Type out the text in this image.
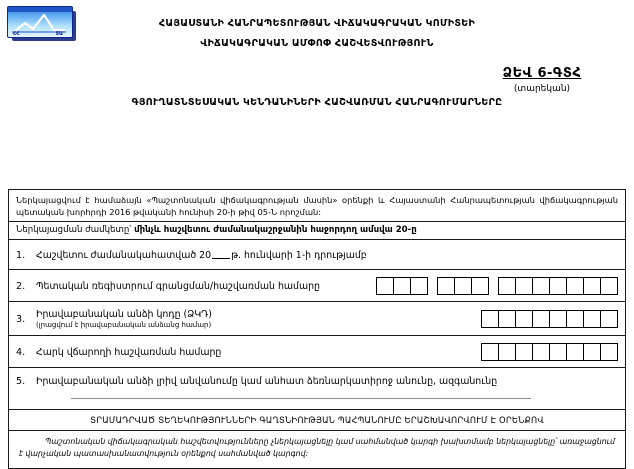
ՀՀ	ՏԱ
ՀԱՅԱՍՏԱՆԻ ՀԱՆՐԱՊԵՏՈՒԹՅԱՆ ՎԻՃԱԿԱԳՐԱԿԱՆ ԿՈՄԻՏԵԻ
ՎԻՃԱԿԱԳՐԱԿԱՆ ԱՄՓՈՓ ՀԱՇՎԵՏՎՈՒԹՅՈՒՆ
ՁԵՎ 6-ԳՏՀ
(տարեկան)
ԳՅՈՒՂԱՏՆՏԵՍԱԿԱՆ ԿԵՆԴԱՆԻՆԵՐԻ ՀԱՇՎԱՌՄԱՆ ՀԱՆՐԱԳՈՒՄԱՐՆԵՐԸ
Ներկայացվում է համաձայն «Պաշտոնական վիճակագրության մասին» օրենքի և Հայաստանի Հանրապետության վիճակագրության պետական խորհրդի 2016 թվականի հունիսի 20-ի թիվ 05-Ն որոշման:
Ներկայացման ժամկետը՝ մինչև հաշվետու ժամանակաշրջանին հաջորդող ամսվա 20-ը
1.	Հաշվետու ժամանակահատված 20 թ. հունվարի 1-ի դրությամբ
2.	Պետական ռեգիստրում գրանցման/հաշվառման համարը
3.	Իրավաբանական անձի կոդը (ՁԿԴ)
(լրացվում է իրավաբանական անձանց համար)
4.	Հարկ վճարողի հաշվառման համարը
5.	Իրավաբանական անձի լրիվ անվանումը կամ անհատ ձեռնարկատիրոջ անունը, ազգանունը
ՏՐԱՄԱԴՐՎԱԾ ՏԵՂԵԿՈՒԹՅՈՒՆՆԵՐԻ ԳԱՂՏՆԻՈՒԹՅԱՆ ՊԱՀՊԱՆՈՒՄԸ ԵՐԱՇԽԱՎՈՐՎՈՒՄ Է ՕՐԵՆՔՈՎ
Պաշտոնական վիճակագրական հաշվետվությունները չներկայացնելը կամ սահմանված կարգի խախտմամբ ներկայացնելը՝ առաջացնում է վարչական պատասխանատվություն օրենքով սահմանված կարգով:
